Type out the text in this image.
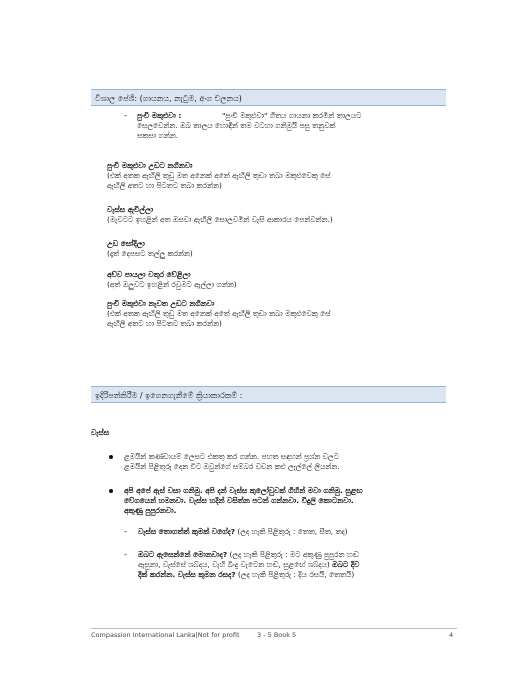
විශාල පේශි: (ගායනය, නැටුම, අංග චලනය)
- පුංචි මකුළුවා :	"පුංචි මකුළුවා" ගීතය ගායනා කරමින් තාලයට
සෙලවෙන්න. ඔබ තාලය හොඳින් තම වටහා ගනිමුයි පසු තනුවක්
සකසා ගන්න.
පුංචි මකුළුවා උඩට නගිනවා
(එක් අතක ඇඟිලි තුඩු මත අනෙක් අතේ ඇඟිලි තුඩා තබා මකුළුවෙකු සේ
ඇඟිලි අතට හා පිටතට තබා කරන්න)
වැස්ස ඇවිල්ලා
(මැවටට ඉහළින් අත ඔසවා ඇඟිලි සොලවමින් වැසි ආකාරය පෙන්වන්න.)
උඩ සෝදිලා
(දෑත් දෙපසට තල්ලු කරන්න)
අව්ව පායලා වතුර වේළිලා
(අත් ඔලුවට ඉහළින් රවුමට ඇල්ලා ගන්න)
පුංචි මකුළුවා නැවත උඩට නගිනවා
(එක් අතක ඇඟිලි තුඩු මත අනෙක් අතේ ඇඟිලි තුඩා තබා මකුළුවෙකු සේ
ඇඟිලි අතට හා පිටතට තබා කරන්න)
ඉදිරිපත්කිරීම / ඉගෙනගැනීමේ ක්‍රියාකාරකම් :
වැස්ස
ළමයින් කණ්ඩායම් ලෙසට එකතු කර ගන්න. පහත සඳහන් ප්‍රශ්න වලට
ළමයින් පිළිතුරු දෙන විට ඔවුන්ගේ සම්බර වචන කළු ලෑල්ලේ ලියන්න.
අපි අපේ ඇස් වසා ගනිමු. අපි දන් වැස්ස කුලෝවුවක් ගිහින් මවා ගනිමු. සුළඟ
වේගයෙන් හමනවා. වැස්ස හදින් වසිත්න පටන් ගන්නවා. විදුලි කොටනවා.
අකුණු පුපුරනවා.
- වැස්ස තොගත්ත් කුමක් වගේද? (ලද හැකි පිළිතුරු : තෙත, සීත, තද)
- ඔබට ඇසෙන්නේ මොනවාද? (ලද හැකි පිළිතුරු : මට අකුණු පුපුරන හඬ
ඇසුනා, වැස්සේ ශබ්දය, වැහි බිංදු වැටෙන හඬ, සුළඟේ ශබ්දය) ඔබට දිව
දික් කරන්න. වැස්ස කුමන රසද? (ලද හැකි පිළිතුරු : දිය රසයි, තෙතයි)
Compassion International Lanka|Not for profit	3 - 5 Book 5	4
